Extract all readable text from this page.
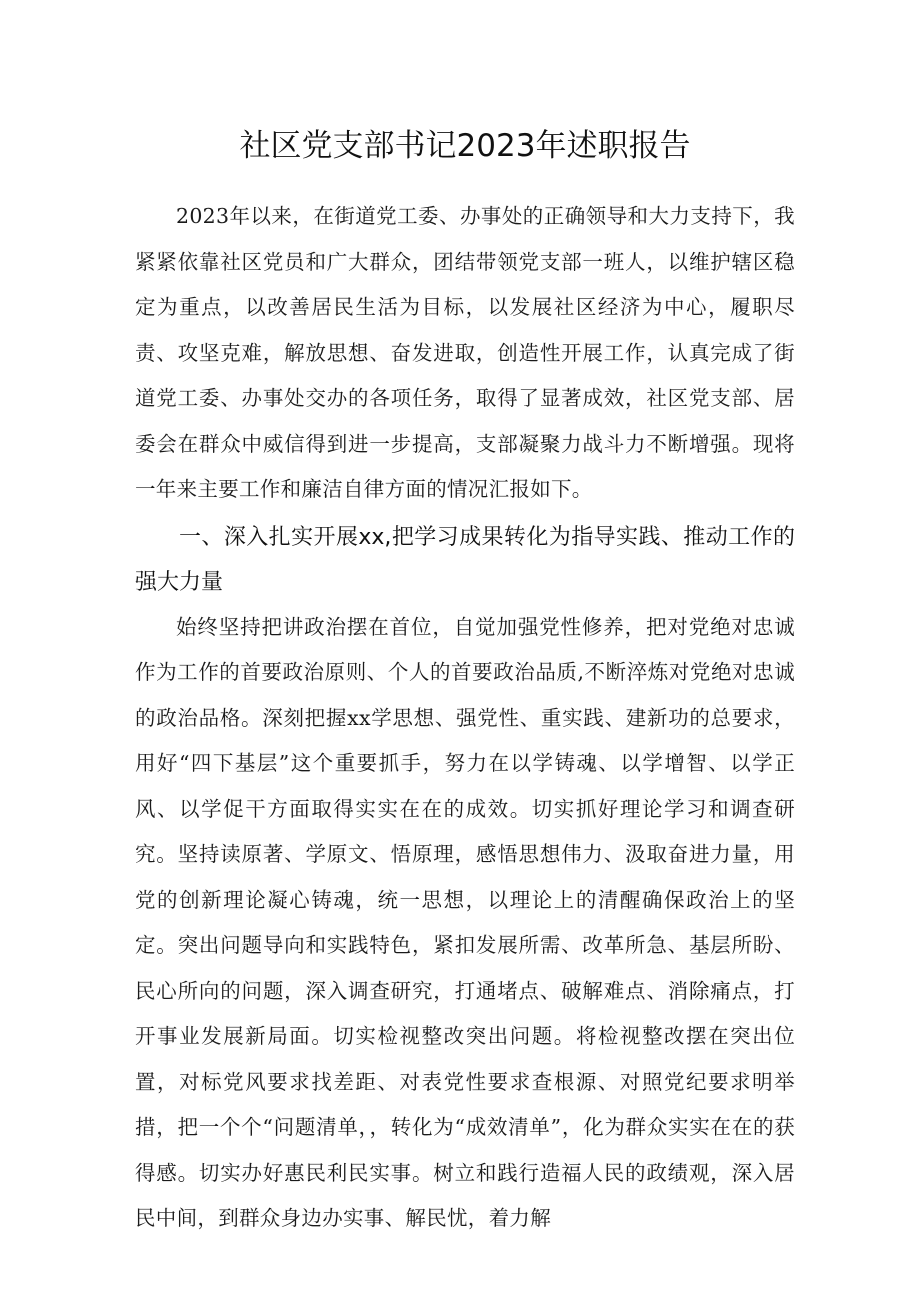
社区党支部书记2023年述职报告

2023年以来，在街道党工委、办事处的正确领导和大力支持下，我紧紧依靠社区党员和广大群众，团结带领党支部一班人，以维护辖区稳定为重点，以改善居民生活为目标，以发展社区经济为中心，履职尽责、攻坚克难，解放思想、奋发进取，创造性开展工作，认真完成了街道党工委、办事处交办的各项任务，取得了显著成效，社区党支部、居委会在群众中威信得到进一步提高，支部凝聚力战斗力不断增强。现将一年来主要工作和廉洁自律方面的情况汇报如下。

一、深入扎实开展xx,把学习成果转化为指导实践、推动工作的强大力量

始终坚持把讲政治摆在首位，自觉加强党性修养，把对党绝对忠诚作为工作的首要政治原则、个人的首要政治品质,不断淬炼对党绝对忠诚的政治品格。深刻把握xx学思想、强党性、重实践、建新功的总要求，用好“四下基层”这个重要抓手，努力在以学铸魂、以学增智、以学正风、以学促干方面取得实实在在的成效。切实抓好理论学习和调查研究。坚持读原著、学原文、悟原理，感悟思想伟力、汲取奋进力量，用党的创新理论凝心铸魂，统一思想，以理论上的清醒确保政治上的坚定。突出问题导向和实践特色，紧扣发展所需、改革所急、基层所盼、民心所向的问题，深入调查研究，打通堵点、破解难点、消除痛点，打开事业发展新局面。切实检视整改突出问题。将检视整改摆在突出位置，对标党风要求找差距、对表党性要求查根源、对照党纪要求明举措，把一个个“问题清单，，转化为“成效清单”，化为群众实实在在的获得感。切实办好惠民利民实事。树立和践行造福人民的政绩观，深入居民中间，到群众身边办实事、解民忧，着力解
